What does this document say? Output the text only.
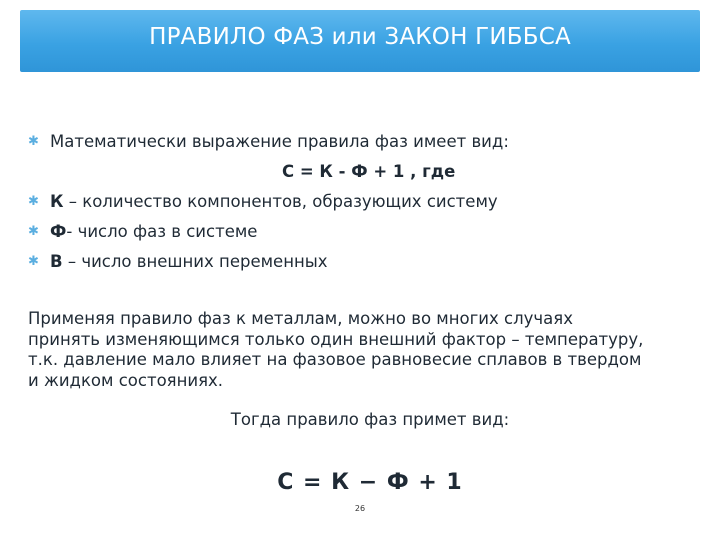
ПРАВИЛО ФАЗ или ЗАКОН ГИББСА
✱ Математически выражение правила фаз имеет вид:
✱ К – количество компонентов, образующих систему
✱ Ф- число фаз в системе
✱ В – число внешних переменных
С = К - Ф + 1 , где
Применяя правило фаз к металлам, можно во многих случаях
принять изменяющимся только один внешний фактор – температуру,
т.к. давление мало влияет на фазовое равновесие сплавов в твердом
и жидком состояниях.
Тогда правило фаз примет вид:
С = К − Ф + 1
26
